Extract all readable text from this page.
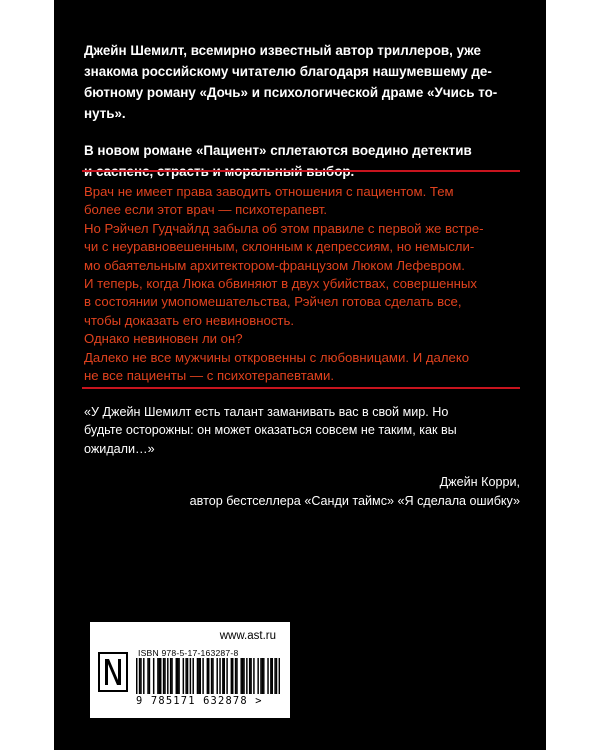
Джейн Шемилт, всемирно известный автор триллеров, уже
знакома российскому читателю благодаря нашумевшему де-
бютному роману «Дочь» и психологической драме «Учись то-
нуть».

В новом романе «Пациент» сплетаются воедино детектив

Врач не имеет права заводить отношения с пациентом. Тем

более если этот врач — психотерапевт.

Но Рэйчел Гудчайлд забыла об этом правиле с первой же встре-

чи с неуравновешенным, склонным к депрессиям, но немысли-

мо обаятельным архитектором-французом Люком Лефевром.

И теперь, когда Люка обвиняют в двух убийствах, совершенных

в состоянии умопомешательства, Рэйчел готова сделать все,

чтобы доказать его невиновность.

Однако невиновен ли он?

Далеко не все мужчины откровенны с любовницами. И далеко

не все пациенты — с психотерапевтами.

«У Джейн Шемилт есть талант заманивать вас в свой мир. Но
будьте осторожны: он может оказаться совсем не таким, как вы
ожидали…»

Джейн Корри,
автор бестселлера «Санди таймс» «Я сделала ошибку»
www.ast.ru
ISBN 978-5-17-163287-8
9 785171 632878 >
